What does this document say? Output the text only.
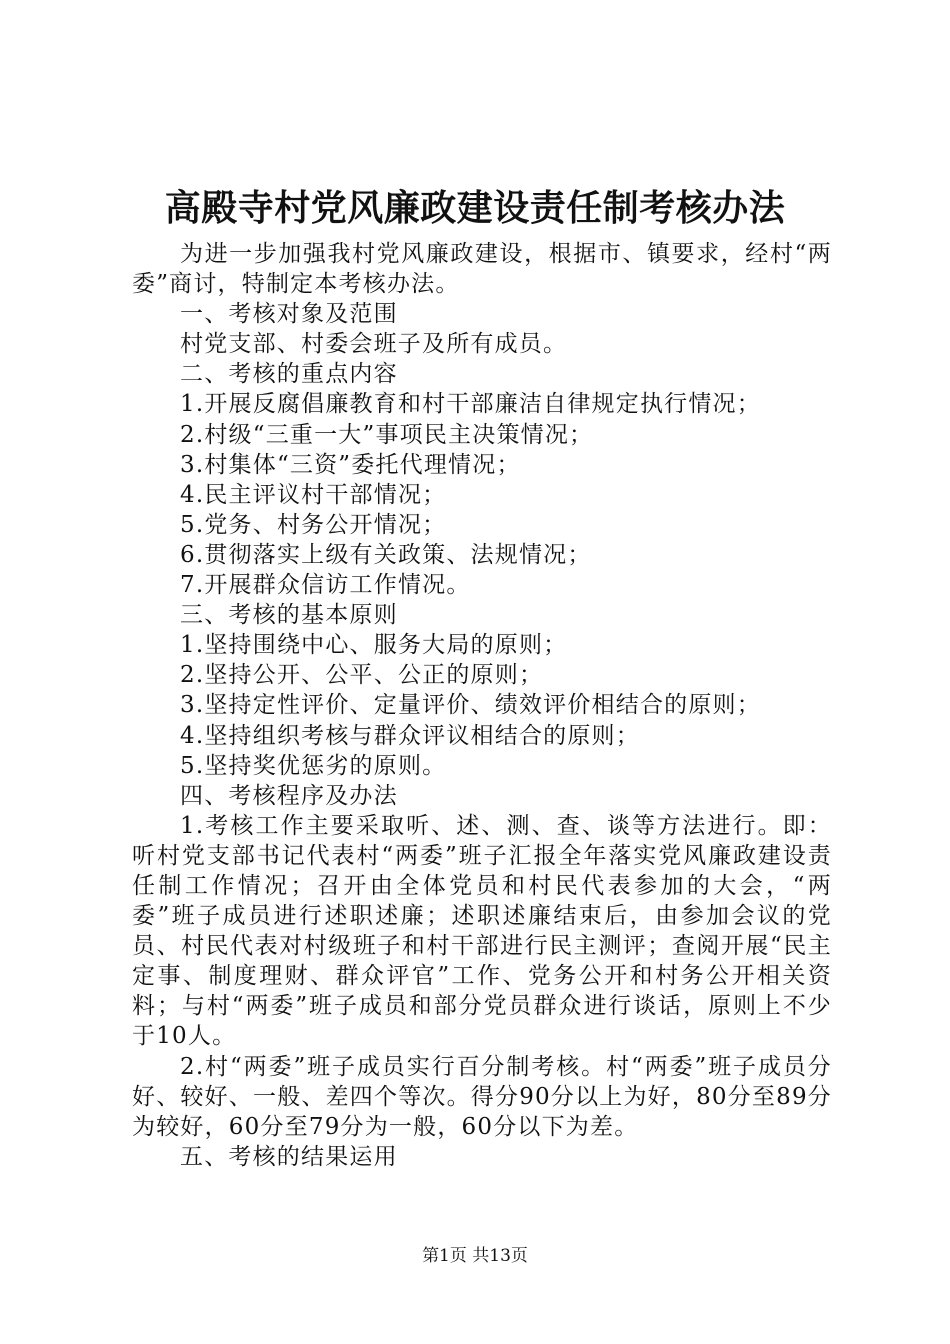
高殿寺村党风廉政建设责任制考核办法

为进一步加强我村党风廉政建设，根据市、镇要求，经村“两委”商讨，特制定本考核办法。

一、考核对象及范围

村党支部、村委会班子及所有成员。

二、考核的重点内容

1.开展反腐倡廉教育和村干部廉洁自律规定执行情况；

2.村级“三重一大”事项民主决策情况；

3.村集体“三资”委托代理情况；

4.民主评议村干部情况；

5.党务、村务公开情况；

6.贯彻落实上级有关政策、法规情况；

7.开展群众信访工作情况。

三、考核的基本原则

1.坚持围绕中心、服务大局的原则；

2.坚持公开、公平、公正的原则；

3.坚持定性评价、定量评价、绩效评价相结合的原则；

4.坚持组织考核与群众评议相结合的原则；

5.坚持奖优惩劣的原则。

四、考核程序及办法

1.考核工作主要采取听、述、测、查、谈等方法进行。即：听村党支部书记代表村“两委”班子汇报全年落实党风廉政建设责任制工作情况；召开由全体党员和村民代表参加的大会，“两委”班子成员进行述职述廉；述职述廉结束后，由参加会议的党员、村民代表对村级班子和村干部进行民主测评；查阅开展“民主定事、制度理财、群众评官”工作、党务公开和村务公开相关资料；与村“两委”班子成员和部分党员群众进行谈话，原则上不少于10人。

2.村“两委”班子成员实行百分制考核。村“两委”班子成员分好、较好、一般、差四个等次。得分90分以上为好，80分至89分为较好，60分至79分为一般，60分以下为差。

五、考核的结果运用

第1页 共13页
